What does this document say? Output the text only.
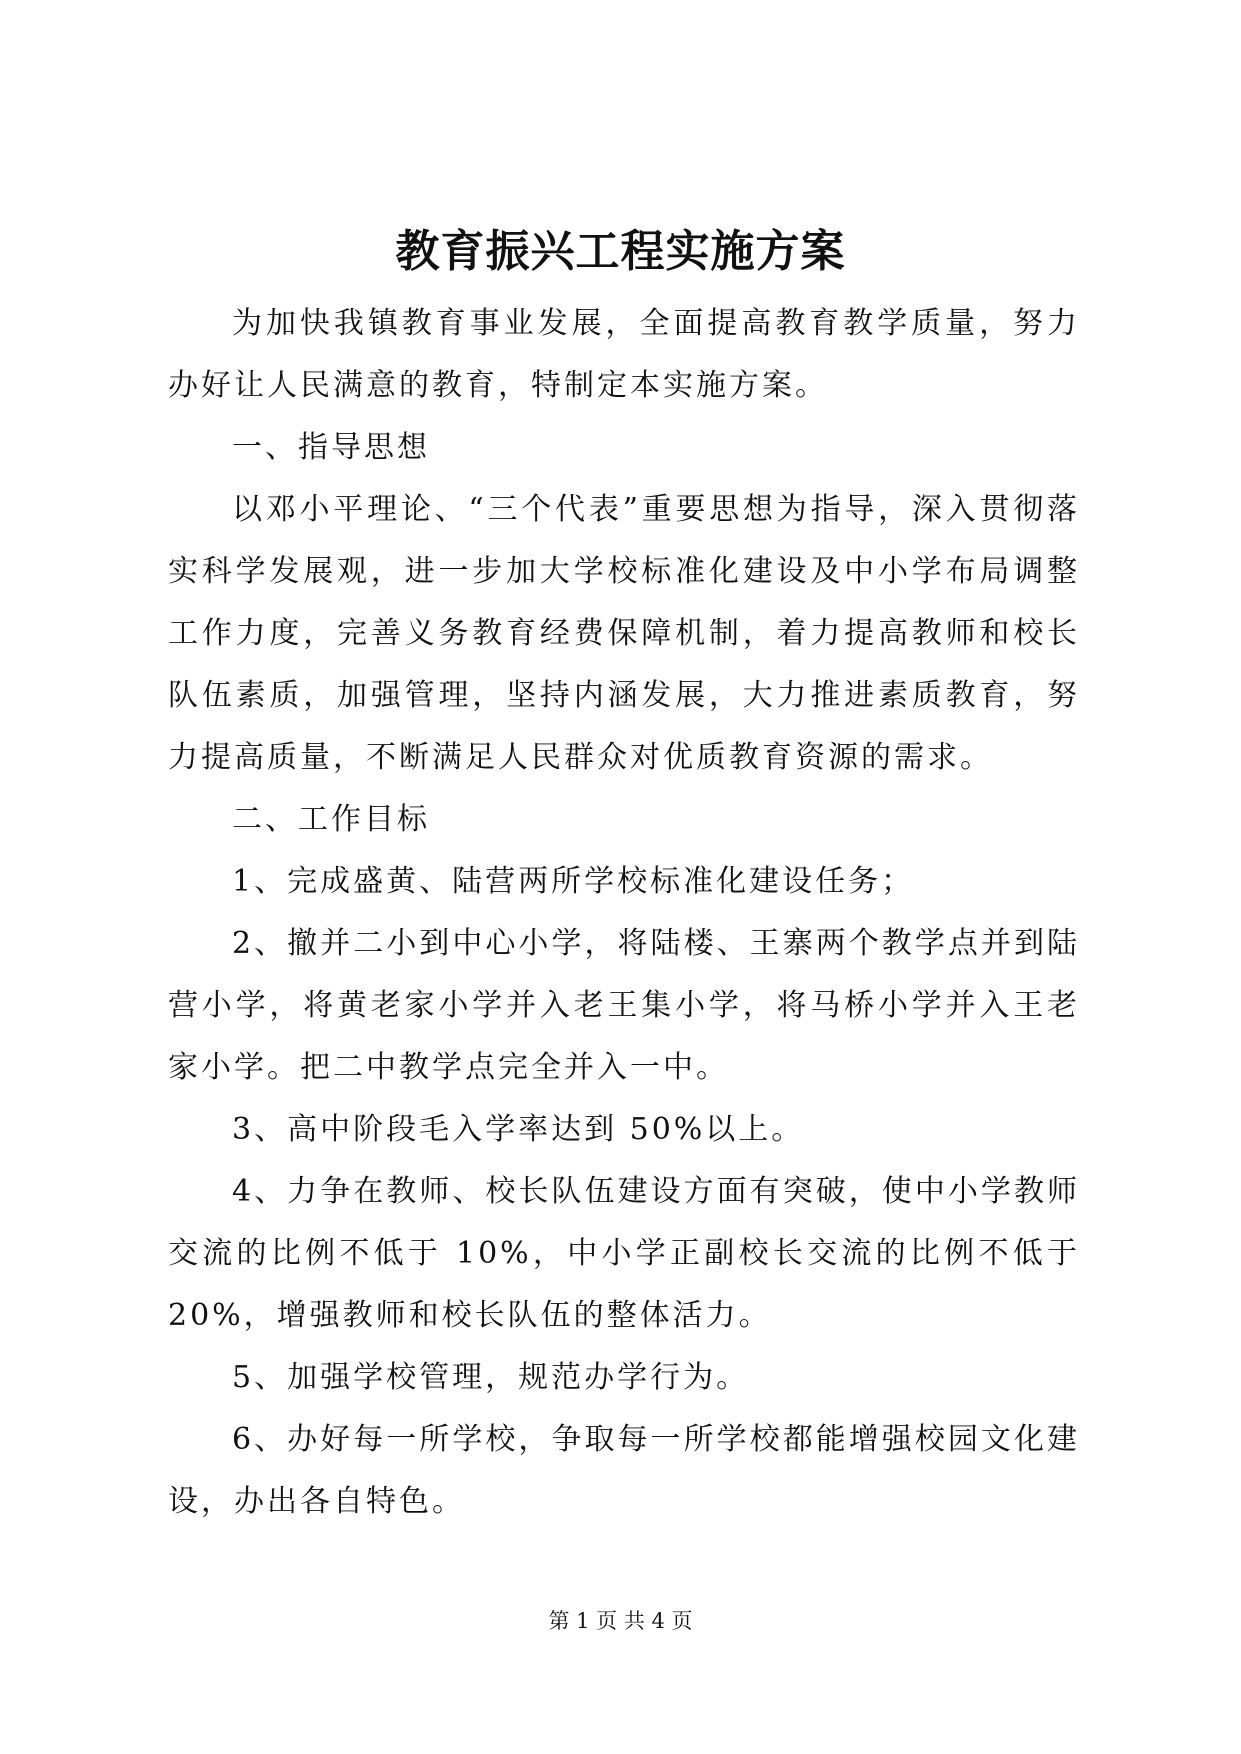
教育振兴工程实施方案

为加快我镇教育事业发展，全面提高教育教学质量，努力办好让人民满意的教育，特制定本实施方案。

一、指导思想

以邓小平理论、“三个代表”重要思想为指导，深入贯彻落实科学发展观，进一步加大学校标准化建设及中小学布局调整工作力度，完善义务教育经费保障机制，着力提高教师和校长队伍素质，加强管理，坚持内涵发展，大力推进素质教育，努力提高质量，不断满足人民群众对优质教育资源的需求。

二、工作目标

1、完成盛黄、陆营两所学校标准化建设任务；

2、撤并二小到中心小学，将陆楼、王寨两个教学点并到陆营小学，将黄老家小学并入老王集小学，将马桥小学并入王老家小学。把二中教学点完全并入一中。

3、高中阶段毛入学率达到 50%以上。

4、力争在教师、校长队伍建设方面有突破，使中小学教师交流的比例不低于 10%，中小学正副校长交流的比例不低于 20%，增强教师和校长队伍的整体活力。

5、加强学校管理，规范办学行为。

6、办好每一所学校，争取每一所学校都能增强校园文化建设，办出各自特色。

第 1 页 共 4 页
